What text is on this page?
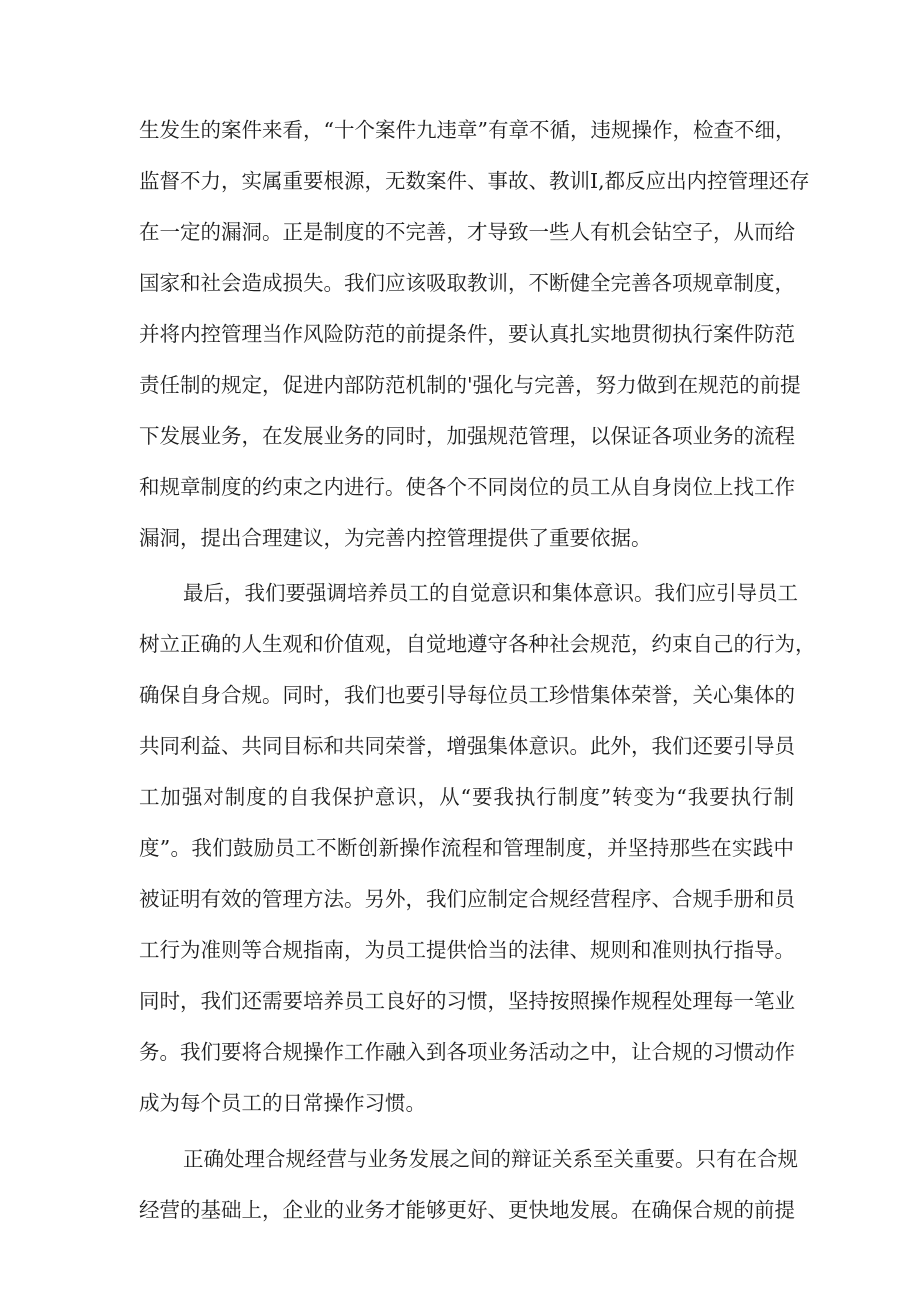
生发生的案件来看，“十个案件九违章”有章不循，违规操作，检查不细，
监督不力，实属重要根源，无数案件、事故、教训Ⅰ,都反应出内控管理还存
在一定的漏洞。正是制度的不完善，才导致一些人有机会钻空子，从而给
国家和社会造成损失。我们应该吸取教训，不断健全完善各项规章制度，
并将内控管理当作风险防范的前提条件，要认真扎实地贯彻执行案件防范
责任制的规定，促进内部防范机制的'强化与完善，努力做到在规范的前提
下发展业务，在发展业务的同时，加强规范管理，以保证各项业务的流程
和规章制度的约束之内进行。使各个不同岗位的员工从自身岗位上找工作
漏洞，提出合理建议，为完善内控管理提供了重要依据。
最后，我们要强调培养员工的自觉意识和集体意识。我们应引导员工
树立正确的人生观和价值观，自觉地遵守各种社会规范，约束自己的行为，
确保自身合规。同时，我们也要引导每位员工珍惜集体荣誉，关心集体的
共同利益、共同目标和共同荣誉，增强集体意识。此外，我们还要引导员
工加强对制度的自我保护意识，从“要我执行制度”转变为“我要执行制
度”。我们鼓励员工不断创新操作流程和管理制度，并坚持那些在实践中
被证明有效的管理方法。另外，我们应制定合规经营程序、合规手册和员
工行为准则等合规指南，为员工提供恰当的法律、规则和准则执行指导。
同时，我们还需要培养员工良好的习惯，坚持按照操作规程处理每一笔业
务。我们要将合规操作工作融入到各项业务活动之中，让合规的习惯动作
成为每个员工的日常操作习惯。
正确处理合规经营与业务发展之间的辩证关系至关重要。只有在合规
经营的基础上，企业的业务才能够更好、更快地发展。在确保合规的前提
